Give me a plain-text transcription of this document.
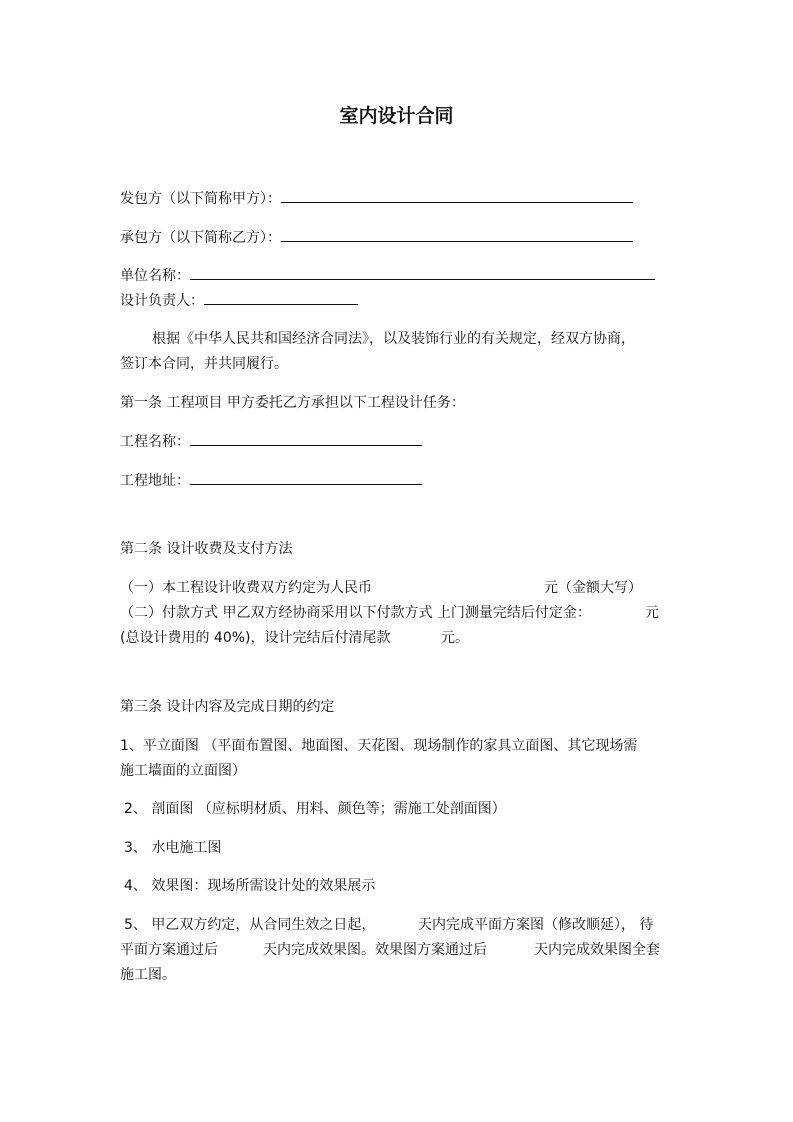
室内设计合同
发包方（以下简称甲方）：
承包方（以下简称乙方）：
单位名称：
设计负责人：
根据《中华人民共和国经济合同法》，以及装饰行业的有关规定，经双方协商，
签订本合同，并共同履行。
第一条 工程项目 甲方委托乙方承担以下工程设计任务：
工程名称：
工程地址：
第二条 设计收费及支付方法
（一）本工程设计收费双方约定为人民币	元（金额大写）
（二）付款方式 甲乙双方经协商采用以下付款方式 上门测量完结后付定金：	元
(总设计费用的 40%)，设计完结后付清尾款	元。
第三条 设计内容及完成日期的约定
1、平立面图 （平面布置图、地面图、天花图、现场制作的家具立面图、其它现场需
施工墙面的立面图）
2、 剖面图 （应标明材质、用料、颜色等；需施工处剖面图）
3、 水电施工图
4、 效果图：现场所需设计处的效果展示
5、 甲乙双方约定，从合同生效之日起，	天内完成平面方案图（修改顺延）， 待
平面方案通过后	天内完成效果图。效果图方案通过后	天内完成效果图全套
施工图。
